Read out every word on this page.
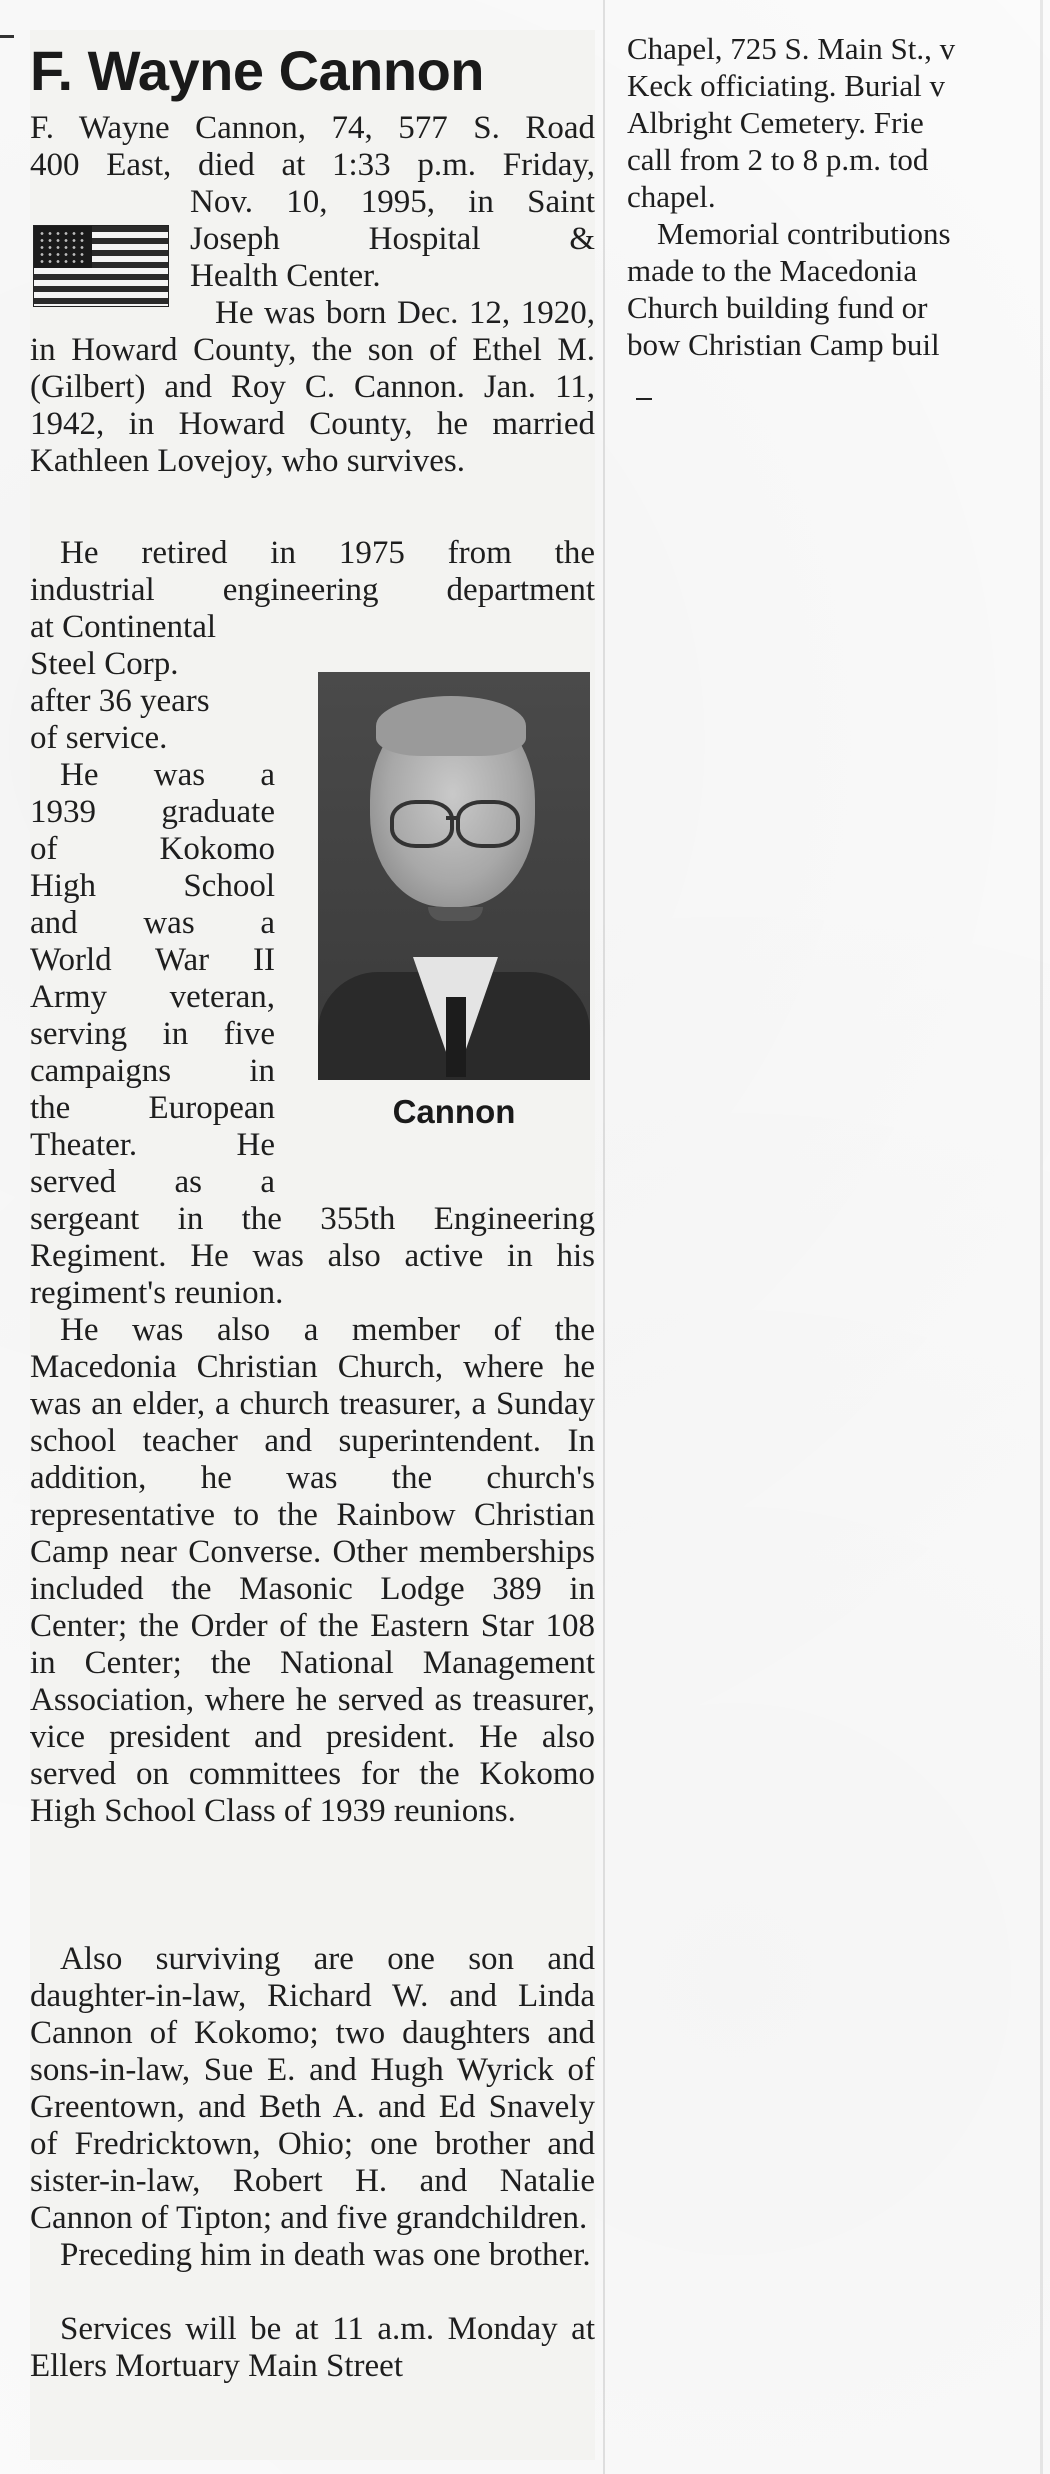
F. Wayne Cannon
F. Wayne Cannon, 74, 577 S. Road
400 East, died at 1:33 p.m. Friday,
Nov. 10, 1995, in Saint
Joseph Hospital &
Health Center.
He was born Dec. 12, 1920, in Howard County, the son of Ethel M. (Gilbert) and Roy C. Cannon. Jan. 11, 1942, in Howard County, he married Kathleen Lovejoy, who survives.
He retired in 1975 from the
industrial engineering department
at Continental
Steel Corp.
after 36 years
of service.
He was a
1939 graduate
of Kokomo
High School
and was a
World War II
Army veteran,
serving in five
campaigns in
the European
Theater. He
served as a
Cannon
sergeant in the 355th Engineering Regiment. He was also active in his regiment's reunion.
He was also a member of the Macedonia Christian Church, where he was an elder, a church treasurer, a Sunday school teacher and superintendent. In addition, he was the church's representative to the Rainbow Christian Camp near Converse. Other memberships included the Masonic Lodge 389 in Center; the Order of the Eastern Star 108 in Center; the National Management Association, where he served as treasurer, vice president and president. He also served on committees for the Kokomo High School Class of 1939 reunions.
Also surviving are one son and daughter-in-law, Richard W. and Linda Cannon of Kokomo; two daughters and sons-in-law, Sue E. and Hugh Wyrick of Greentown, and Beth A. and Ed Snavely of Fredricktown, Ohio; one brother and sister-in-law, Robert H. and Natalie Cannon of Tipton; and five grandchildren.
Preceding him in death was one brother.
Services will be at 11 a.m. Monday at Ellers Mortuary Main Street
Chapel, 725 S. Main St., v
Keck officiating. Burial v
Albright Cemetery. Frie
call from 2 to 8 p.m. tod
chapel.
Memorial contributions
made to the Macedonia
Church building fund or
bow Christian Camp buil
